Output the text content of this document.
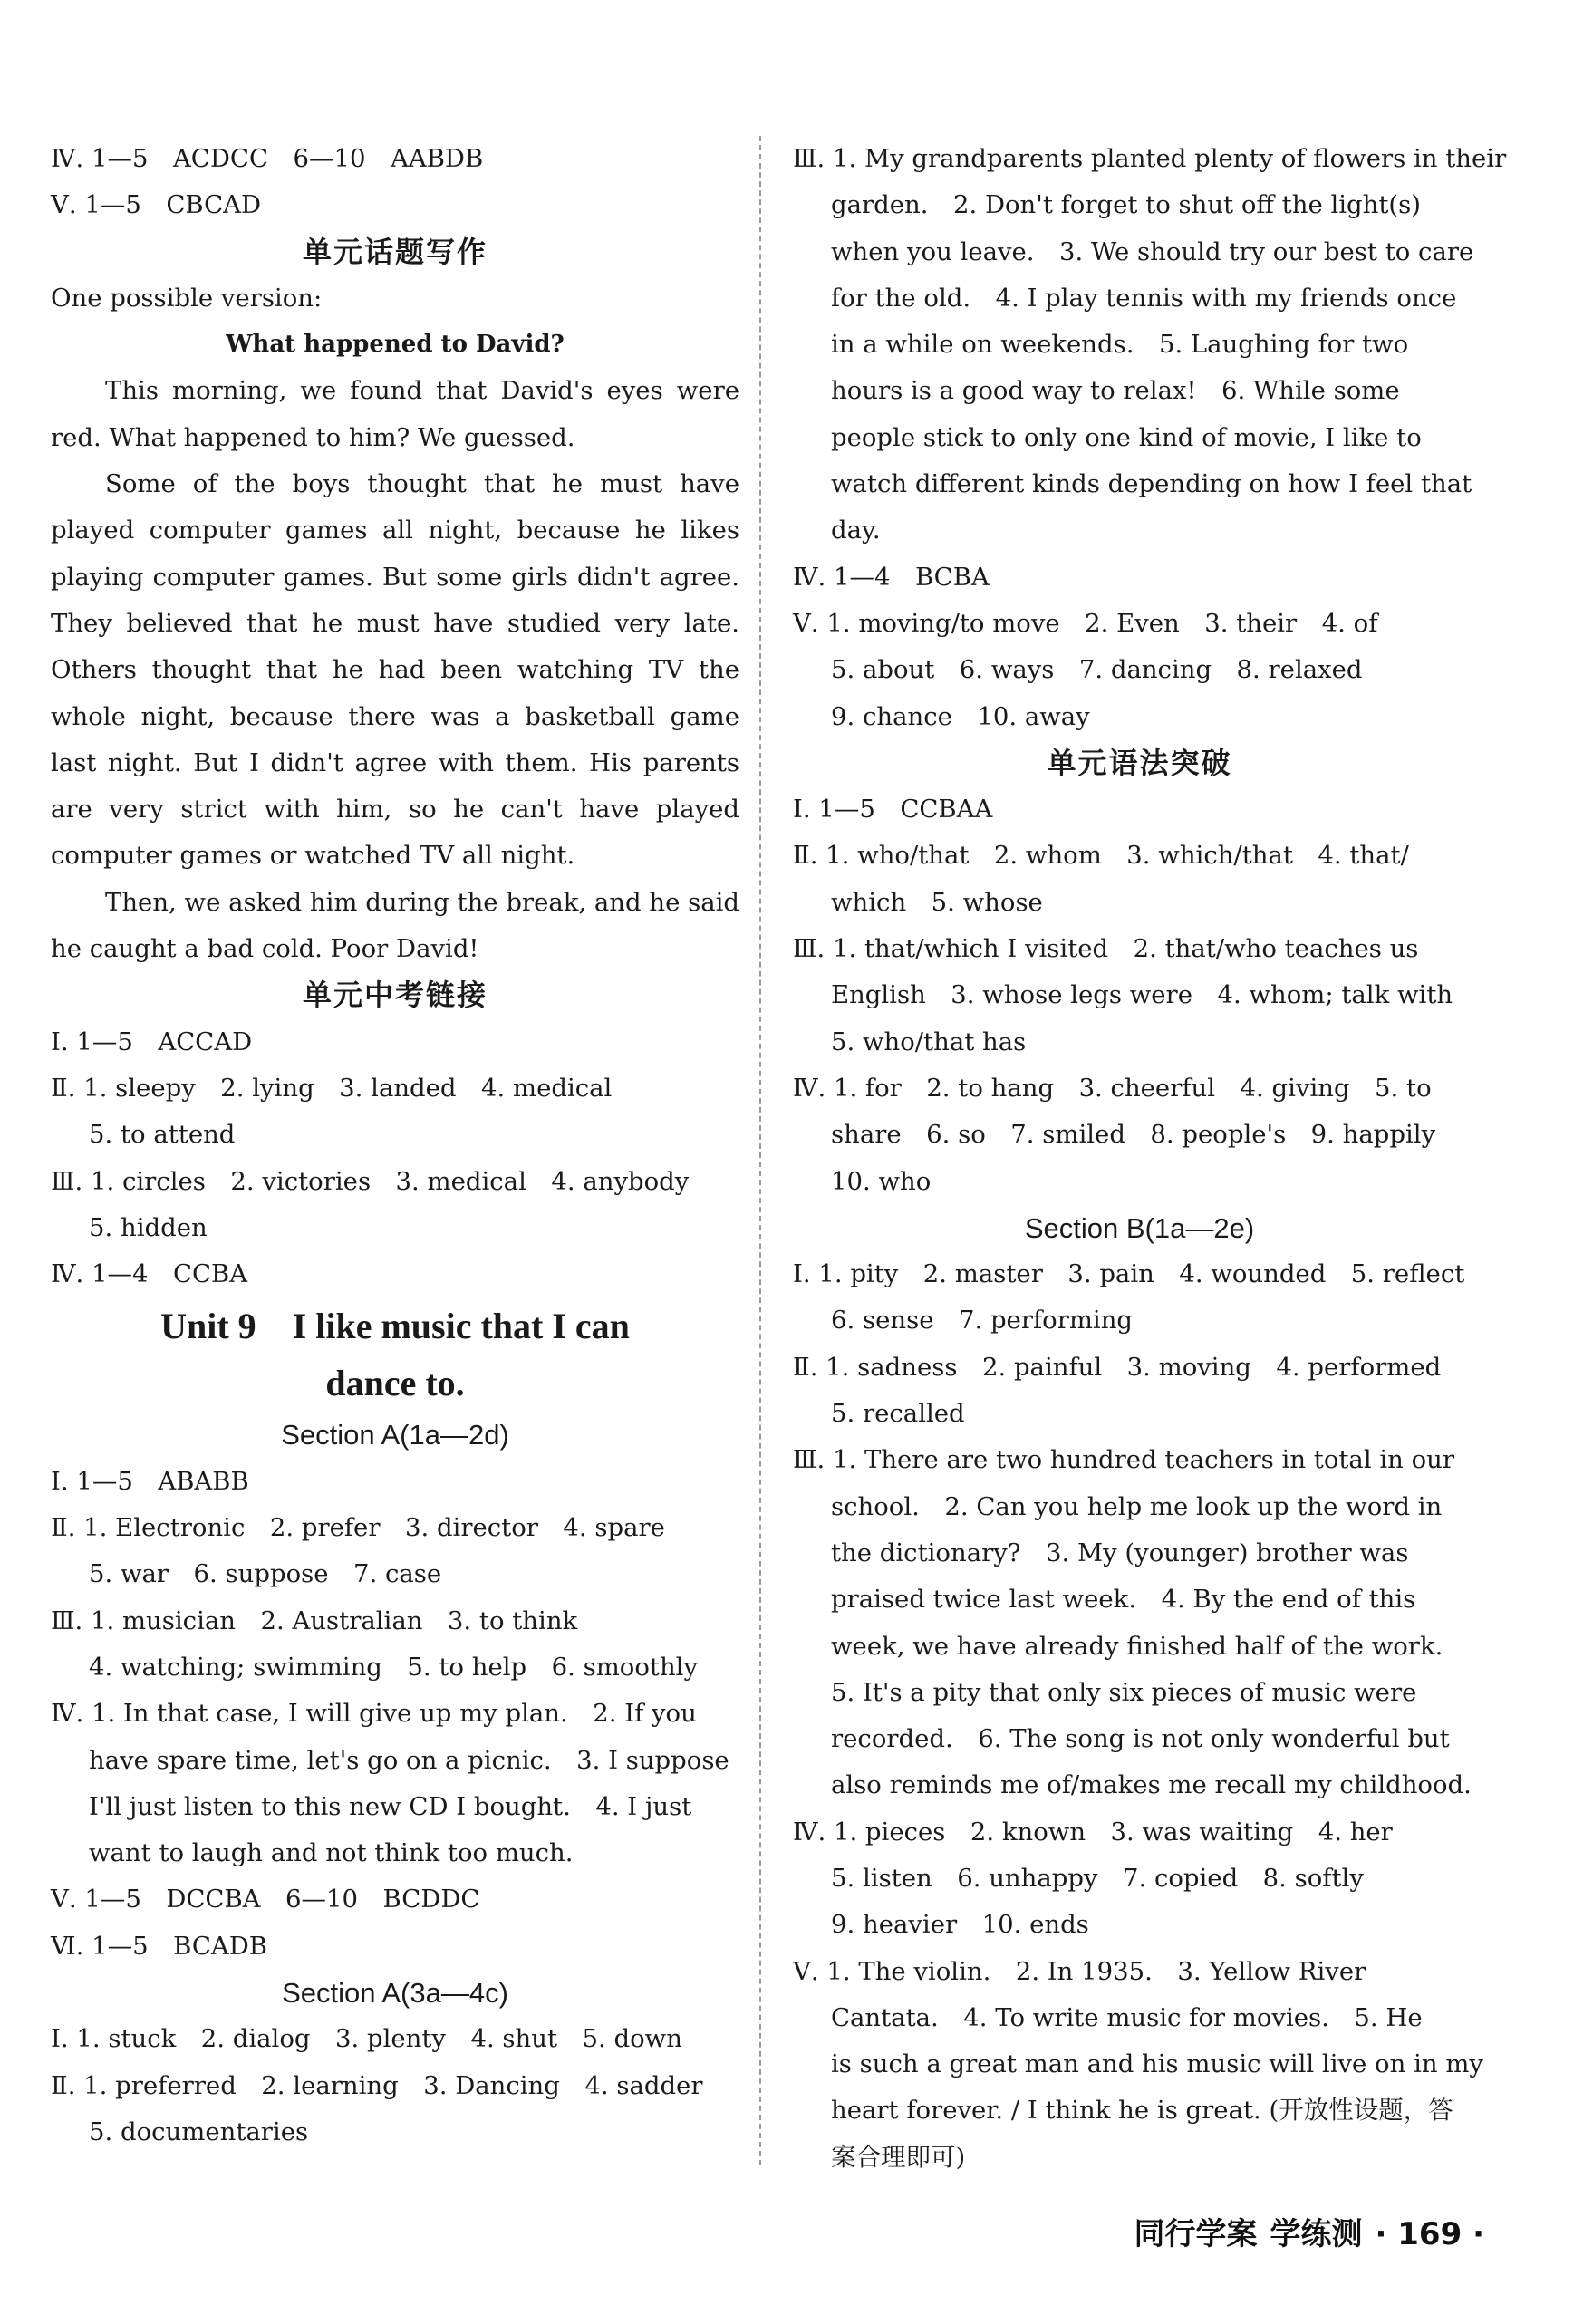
Ⅳ. 1—5　ACDCC　6—10　AABDB
Ⅴ. 1—5　CBCAD
单元话题写作
One possible version:
What happened to David?

This morning, we found that David's eyes were red. What happened to him? We guessed.

Some of the boys thought that he must have played computer games all night, because he likes playing computer games. But some girls didn't agree. They believed that he must have studied very late. Others thought that he had been watching TV the whole night, because there was a basketball game last night. But I didn't agree with them. His parents are very strict with him, so he can't have played computer games or watched TV all night.

Then, we asked him during the break, and he said he caught a bad cold. Poor David!

单元中考链接
Ⅰ. 1—5　ACCAD
Ⅱ. 1. sleepy　2. lying　3. landed　4. medical
5. to attend
Ⅲ. 1. circles　2. victories　3. medical　4. anybody
5. hidden
Ⅳ. 1—4　CCBA
Unit 9　I like music that I can
dance to.
Section A(1a—2d)
Ⅰ. 1—5　ABABB
Ⅱ. 1. Electronic　2. prefer　3. director　4. spare
5. war　6. suppose　7. case
Ⅲ. 1. musician　2. Australian　3. to think
4. watching; swimming　5. to help　6. smoothly
Ⅳ. 1. In that case, I will give up my plan.　2. If you
have spare time, let's go on a picnic.　3. I suppose
I'll just listen to this new CD I bought.　4. I just
want to laugh and not think too much.
Ⅴ. 1—5　DCCBA　6—10　BCDDC
Ⅵ. 1—5　BCADB
Section A(3a—4c)
Ⅰ. 1. stuck　2. dialog　3. plenty　4. shut　5. down
Ⅱ. 1. preferred　2. learning　3. Dancing　4. sadder
5. documentaries
Ⅲ. 1. My grandparents planted plenty of flowers in their
garden.　2. Don't forget to shut off the light(s)
when you leave.　3. We should try our best to care
for the old.　4. I play tennis with my friends once
in a while on weekends.　5. Laughing for two
hours is a good way to relax!　6. While some
people stick to only one kind of movie, I like to
watch different kinds depending on how I feel that
day.
Ⅳ. 1—4　BCBA
Ⅴ. 1. moving/to move　2. Even　3. their　4. of
5. about　6. ways　7. dancing　8. relaxed
9. chance　10. away
单元语法突破
Ⅰ. 1—5　CCBAA
Ⅱ. 1. who/that　2. whom　3. which/that　4. that/
which　5. whose
Ⅲ. 1. that/which I visited　2. that/who teaches us
English　3. whose legs were　4. whom; talk with
5. who/that has
Ⅳ. 1. for　2. to hang　3. cheerful　4. giving　5. to
share　6. so　7. smiled　8. people's　9. happily
10. who
Section B(1a—2e)
Ⅰ. 1. pity　2. master　3. pain　4. wounded　5. reflect
6. sense　7. performing
Ⅱ. 1. sadness　2. painful　3. moving　4. performed
5. recalled
Ⅲ. 1. There are two hundred teachers in total in our
school.　2. Can you help me look up the word in
the dictionary?　3. My (younger) brother was
praised twice last week.　4. By the end of this
week, we have already finished half of the work.
5. It's a pity that only six pieces of music were
recorded.　6. The song is not only wonderful but
also reminds me of/makes me recall my childhood.
Ⅳ. 1. pieces　2. known　3. was waiting　4. her
5. listen　6. unhappy　7. copied　8. softly
9. heavier　10. ends
Ⅴ. 1. The violin.　2. In 1935.　3. Yellow River
Cantata.　4. To write music for movies.　5. He
is such a great man and his music will live on in my
heart forever. / I think he is great. (开放性设题，答
案合理即可)
同行学案 学练测 · 169 ·
